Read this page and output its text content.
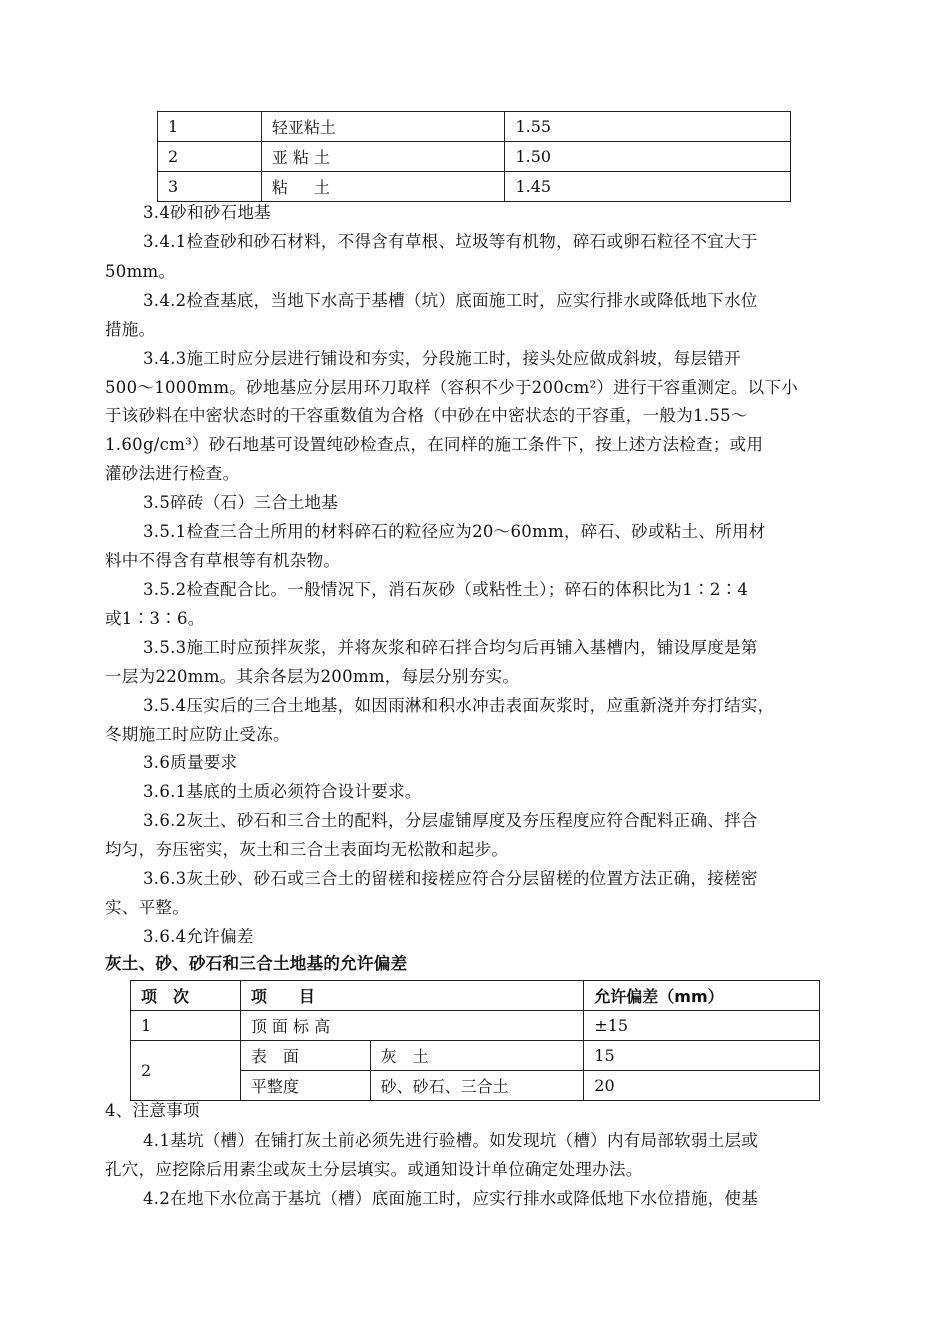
1	轻亚粘土	1.55
2	亚 粘 土	1.50
3	粘 　 土	1.45
3.4砂和砂石地基
3.4.1检查砂和砂石材料，不得含有草根、垃圾等有机物，碎石或卵石粒径不宜大于
50mm。
3.4.2检查基底，当地下水高于基槽（坑）底面施工时，应实行排水或降低地下水位
措施。
3.4.3施工时应分层进行铺设和夯实，分段施工时，接头处应做成斜坡，每层错开
500～1000mm。砂地基应分层用环刀取样（容积不少于200cm²）进行干容重测定。以下小
于该砂料在中密状态时的干容重数值为合格（中砂在中密状态的干容重，一般为1.55～
1.60g/cm³）砂石地基可设置纯砂检查点，在同样的施工条件下，按上述方法检查；或用
灌砂法进行检查。
3.5碎砖（石）三合土地基
3.5.1检查三合土所用的材料碎石的粒径应为20～60mm，碎石、砂或粘土、所用材
料中不得含有草根等有机杂物。
3.5.2检查配合比。一般情况下，消石灰砂（或粘性土）；碎石的体积比为1∶2∶4
或1∶3∶6。
3.5.3施工时应预拌灰浆，并将灰浆和碎石拌合均匀后再铺入基槽内，铺设厚度是第
一层为220mm。其余各层为200mm，每层分别夯实。
3.5.4压实后的三合土地基，如因雨淋和积水冲击表面灰浆时，应重新浇并夯打结实，
冬期施工时应防止受冻。
3.6质量要求
3.6.1基底的土质必须符合设计要求。
3.6.2灰土、砂石和三合土的配料，分层虚铺厚度及夯压程度应符合配料正确、拌合
均匀，夯压密实，灰土和三合土表面均无松散和起步。
3.6.3灰土砂、砂石或三合土的留槎和接槎应符合分层留槎的位置方法正确，接槎密
实、平整。
3.6.4允许偏差
灰土、砂、砂石和三合土地基的允许偏差
项　次	项　　目		允许偏差（mm）
1	顶 面 标 高		±15
2	表　面	灰　土	15
	平整度	砂、砂石、三合土	20
4、注意事项
4.1基坑（槽）在铺打灰土前必须先进行验槽。如发现坑（槽）内有局部软弱土层或
孔穴，应挖除后用素尘或灰土分层填实。或通知设计单位确定处理办法。
4.2在地下水位高于基坑（槽）底面施工时，应实行排水或降低地下水位措施，使基
